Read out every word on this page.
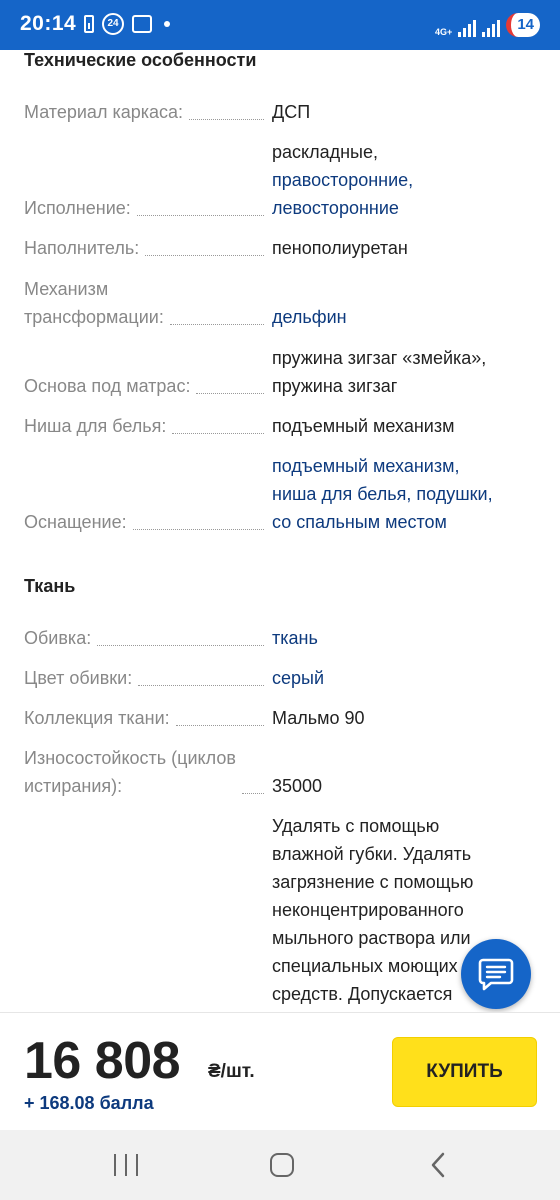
20:14	24
4G+	14
Технические особенности
Материал каркаса:	ДСП
Исполнение:
раскладные,
правосторонние,
левосторонние
Наполнитель:	пенополиуретан
Механизм
трансформации:	дельфин
Основа под матрас:
пружина зигзаг «змейка»,
пружина зигзаг
Ниша для белья:	подъемный механизм
Оснащение:
подъемный механизм,
ниша для белья, подушки,
со спальным местом
Ткань
Обивка:	ткань
Цвет обивки:	серый
Коллекция ткани:	Мальмо 90
Износостойкость (циклов
истирания):	35000
Удалять с помощью
влажной губки. Удалять
загрязнение с помощью
неконцентрированного
мыльного раствора или
специальных моющих
средств. Допускается
16 808 ₴/шт.
+ 168.08 балла
КУПИТЬ
